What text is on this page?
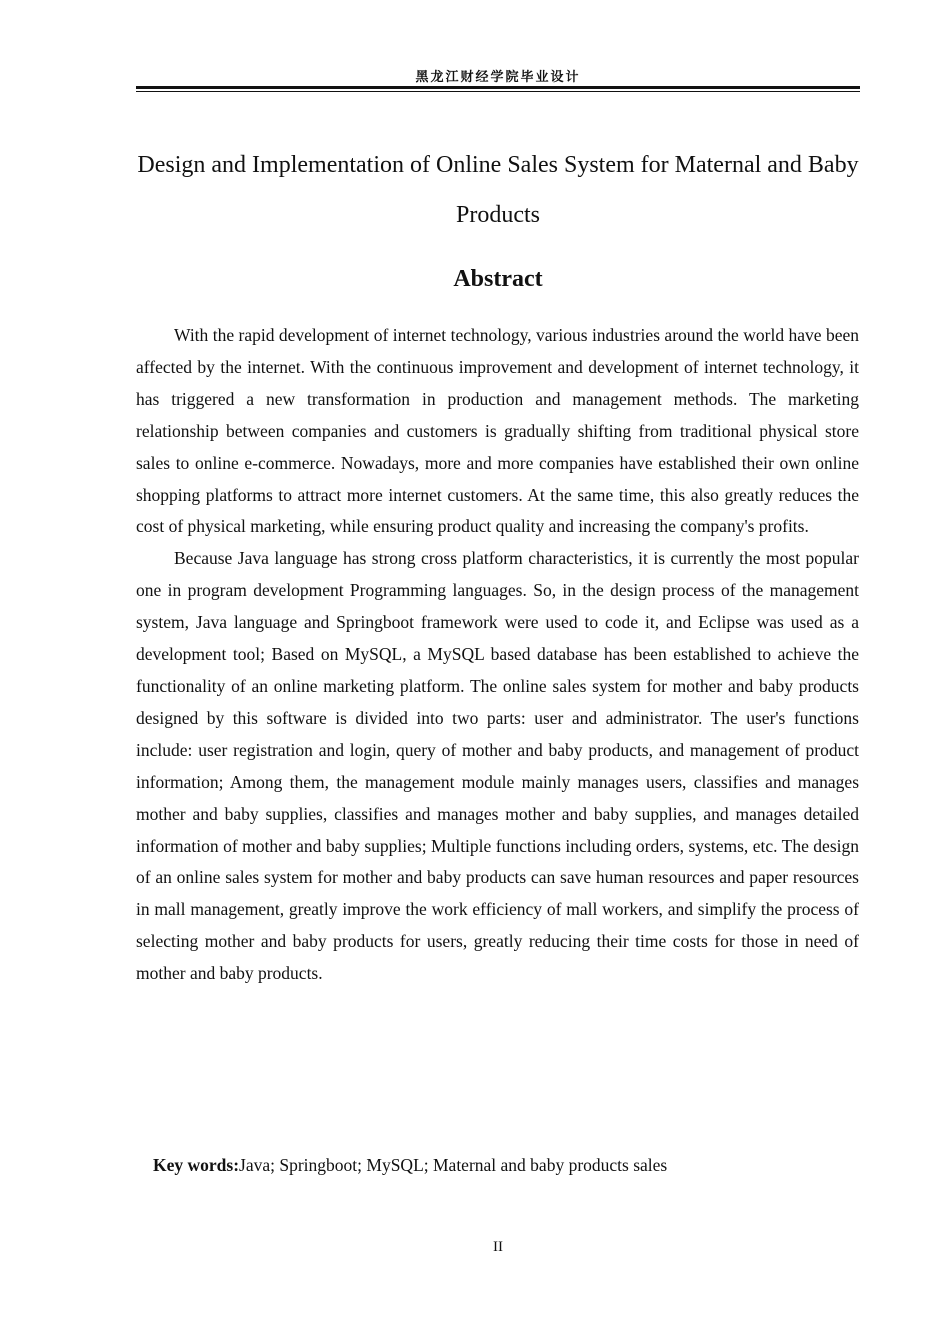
黑龙江财经学院毕业设计
Design and Implementation of Online Sales System for Maternal and Baby Products
Abstract

With the rapid development of internet technology, various industries around the world have been affected by the internet. With the continuous improvement and development of internet technology, it has triggered a new transformation in production and management methods. The marketing relationship between companies and customers is gradually shifting from traditional physical store sales to online e-commerce. Nowadays, more and more companies have established their own online shopping platforms to attract more internet customers. At the same time, this also greatly reduces the cost of physical marketing, while ensuring product quality and increasing the company's profits.

Because Java language has strong cross platform characteristics, it is currently the most popular one in program development Programming languages. So, in the design process of the management system, Java language and Springboot framework were used to code it, and Eclipse was used as a development tool; Based on MySQL, a MySQL based database has been established to achieve the functionality of an online marketing platform. The online sales system for mother and baby products designed by this software is divided into two parts: user and administrator. The user's functions include: user registration and login, query of mother and baby products, and management of product information; Among them, the management module mainly manages users, classifies and manages mother and baby supplies, classifies and manages mother and baby supplies, and manages detailed information of mother and baby supplies; Multiple functions including orders, systems, etc. The design of an online sales system for mother and baby products can save human resources and paper resources in mall management, greatly improve the work efficiency of mall workers, and simplify the process of selecting mother and baby products for users, greatly reducing their time costs for those in need of mother and baby products.

Key words:Java; Springboot; MySQL; Maternal and baby products sales
II
